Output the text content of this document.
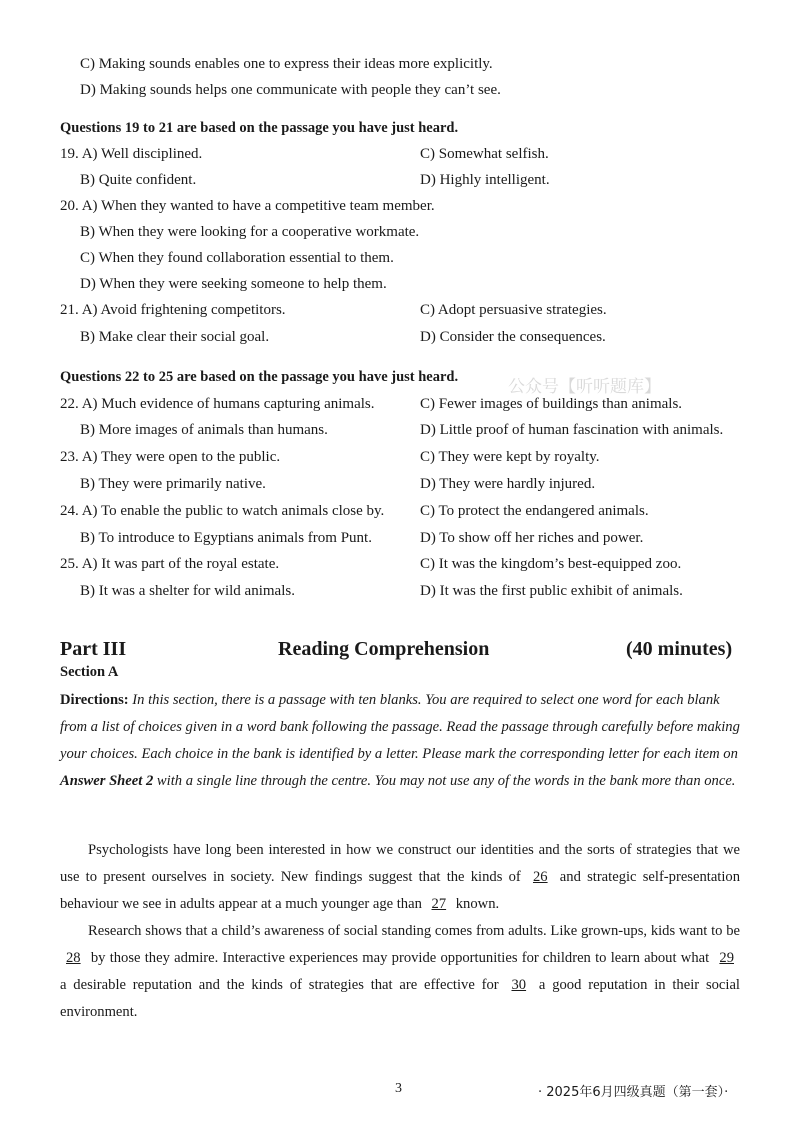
C) Making sounds enables one to express their ideas more explicitly.
D) Making sounds helps one communicate with people they can’t see.
Questions 19 to 21 are based on the passage you have just heard.
19. A) Well disciplined.	C) Somewhat selfish.
B) Quite confident.	D) Highly intelligent.
20. A) When they wanted to have a competitive team member.
B) When they were looking for a cooperative workmate.
C) When they found collaboration essential to them.
D) When they were seeking someone to help them.
21. A) Avoid frightening competitors.	C) Adopt persuasive strategies.
B) Make clear their social goal.	D) Consider the consequences.
Questions 22 to 25 are based on the passage you have just heard.	公众号【听听题库】
22. A) Much evidence of humans capturing animals.	C) Fewer images of buildings than animals.
B) More images of animals than humans.	D) Little proof of human fascination with animals.
23. A) They were open to the public.	C) They were kept by royalty.
B) They were primarily native.	D) They were hardly injured.
24. A) To enable the public to watch animals close by. C) To protect the endangered animals.
B) To introduce to Egyptians animals from Punt.	D) To show off her riches and power.
25. A) It was part of the royal estate.	C) It was the kingdom’s best-equipped zoo.
B) It was a shelter for wild animals.	D) It was the first public exhibit of animals.
Part III	Reading Comprehension	(40 minutes)
Section A
Directions: In this section, there is a passage with ten blanks. You are required to select one word for each blank from a list of choices given in a word bank following the passage. Read the passage through carefully before making your choices. Each choice in the bank is identified by a letter. Please mark the corresponding letter for each item on Answer Sheet 2 with a single line through the centre. You may not use any of the words in the bank more than once.

Psychologists have long been interested in how we construct our identities and the sorts of strategies that we use to present ourselves in society. New findings suggest that the kinds of 26 and strategic self-presentation behaviour we see in adults appear at a much younger age than 27 known.

Research shows that a child’s awareness of social standing comes from adults. Like grown-ups, kids want to be 28 by those they admire. Interactive experiences may provide opportunities for children to learn about what 29 a desirable reputation and the kinds of strategies that are effective for 30 a good reputation in their social environment.

3	· 2025年6月四级真题（第一套）·
